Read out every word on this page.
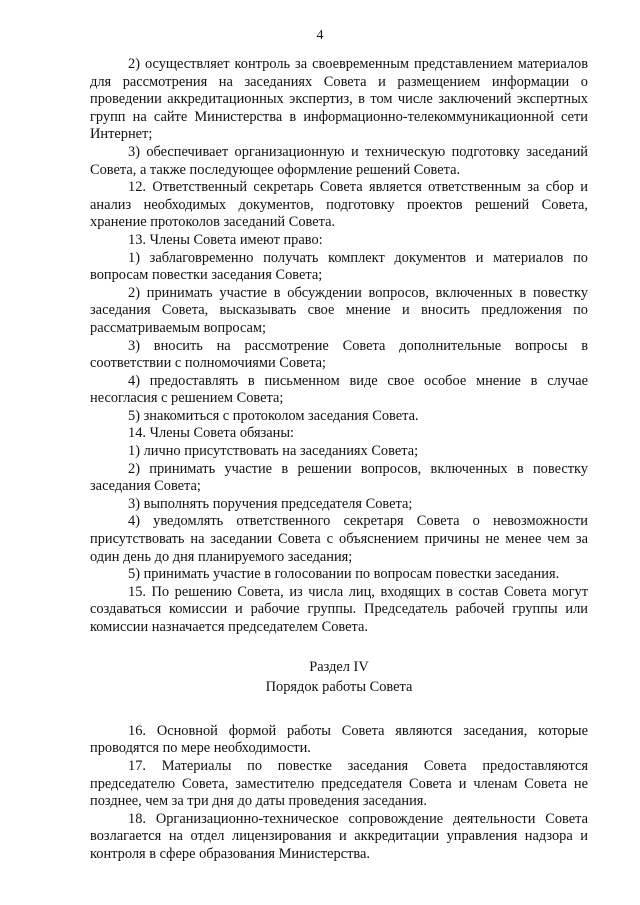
4

2) осуществляет контроль за своевременным представлением материалов для рассмотрения на заседаниях Совета и размещением информации о проведении аккредитационных экспертиз, в том числе заключений экспертных групп на сайте Министерства в информационно-телекоммуникационной сети Интернет;

3) обеспечивает организационную и техническую подготовку заседаний Совета, а также последующее оформление решений Совета.

12. Ответственный секретарь Совета является ответственным за сбор и анализ необходимых документов, подготовку проектов решений Совета, хранение протоколов заседаний Совета.

13. Члены Совета имеют право:

1) заблаговременно получать комплект документов и материалов по вопросам повестки заседания Совета;

2) принимать участие в обсуждении вопросов, включенных в повестку заседания Совета, высказывать свое мнение и вносить предложения по рассматриваемым вопросам;

3) вносить на рассмотрение Совета дополнительные вопросы в соответствии с полномочиями Совета;

4) предоставлять в письменном виде свое особое мнение в случае несогласия с решением Совета;

5) знакомиться с протоколом заседания Совета.

14. Члены Совета обязаны:

1) лично присутствовать на заседаниях Совета;

2) принимать участие в решении вопросов, включенных в повестку заседания Совета;

3) выполнять поручения председателя Совета;

4) уведомлять ответственного секретаря Совета о невозможности присутствовать на заседании Совета с объяснением причины не менее чем за один день до дня планируемого заседания;

5) принимать участие в голосовании по вопросам повестки заседания.

15. По решению Совета, из числа лиц, входящих в состав Совета могут создаваться комиссии и рабочие группы. Председатель рабочей группы или комиссии назначается председателем Совета.

Раздел IV

Порядок работы Совета

16. Основной формой работы Совета являются заседания, которые проводятся по мере необходимости.

17. Материалы по повестке заседания Совета предоставляются председателю Совета, заместителю председателя Совета и членам Совета не позднее, чем за три дня до даты проведения заседания.

18. Организационно-техническое сопровождение деятельности Совета возлагается на отдел лицензирования и аккредитации управления надзора и контроля в сфере образования Министерства.
